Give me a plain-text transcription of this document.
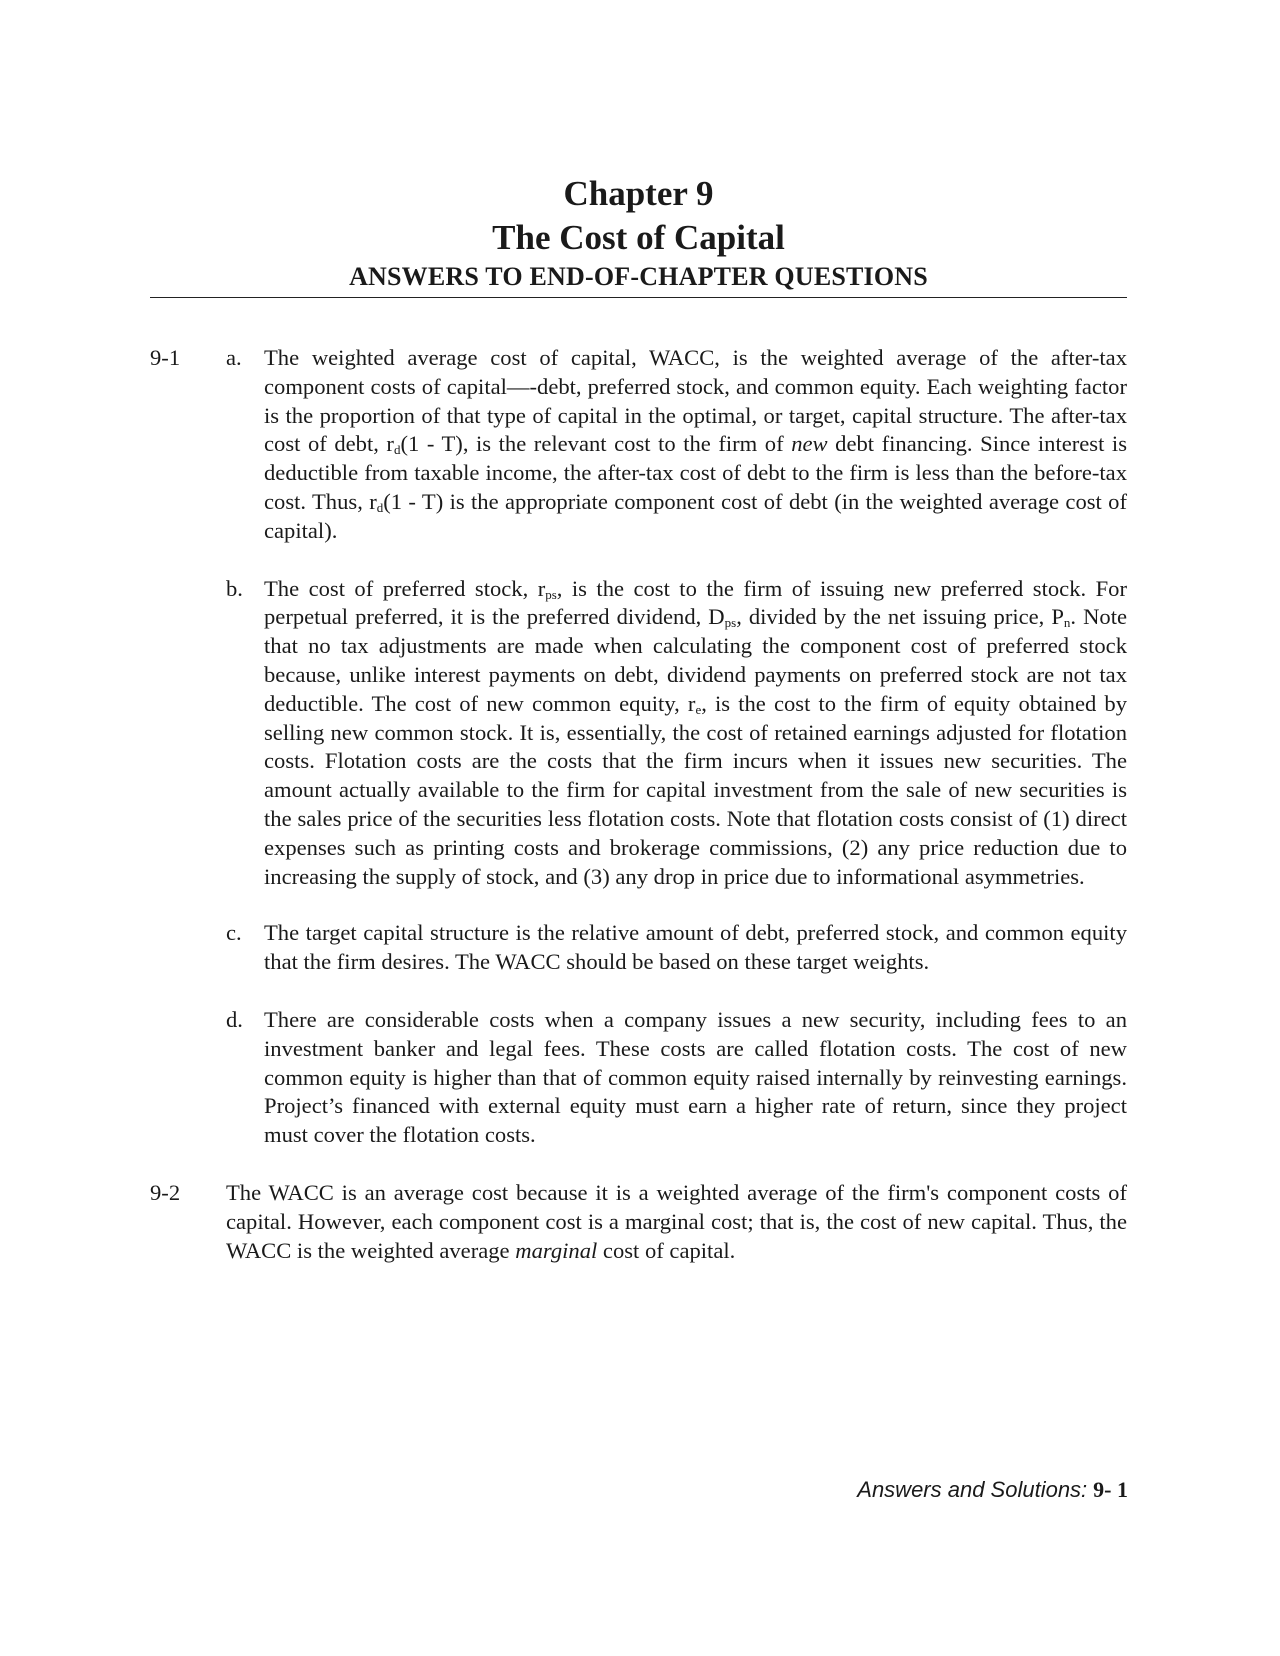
Chapter 9
The Cost of Capital
ANSWERS TO END-OF-CHAPTER QUESTIONS
9-1 a. The weighted average cost of capital, WACC, is the weighted average of the after-tax component costs of capital—-debt, preferred stock, and common equity. Each weighting factor is the proportion of that type of capital in the optimal, or target, capital structure. The after-tax cost of debt, $r_d(1 - T)$, is the relevant cost to the firm of new debt financing. Since interest is deductible from taxable income, the after-tax cost of debt to the firm is less than the before-tax cost. Thus, $r_d(1 - T)$ is the appropriate component cost of debt (in the weighted average cost of capital).

b. The cost of preferred stock, $r_{ps}$, is the cost to the firm of issuing new preferred stock. For perpetual preferred, it is the preferred dividend, $D_{ps}$, divided by the net issuing price, $P_n$. Note that no tax adjustments are made when calculating the component cost of preferred stock because, unlike interest payments on debt, dividend payments on preferred stock are not tax deductible. The cost of new common equity, $r_e$, is the cost to the firm of equity obtained by selling new common stock. It is, essentially, the cost of retained earnings adjusted for flotation costs. Flotation costs are the costs that the firm incurs when it issues new securities. The amount actually available to the firm for capital investment from the sale of new securities is the sales price of the securities less flotation costs. Note that flotation costs consist of (1) direct expenses such as printing costs and brokerage commissions, (2) any price reduction due to increasing the supply of stock, and (3) any drop in price due to informational asymmetries.

c. The target capital structure is the relative amount of debt, preferred stock, and common equity that the firm desires. The WACC should be based on these target weights.

d. There are considerable costs when a company issues a new security, including fees to an investment banker and legal fees. These costs are called flotation costs. The cost of new common equity is higher than that of common equity raised internally by reinvesting earnings. Project’s financed with external equity must earn a higher rate of return, since they project must cover the flotation costs.

9-2 The WACC is an average cost because it is a weighted average of the firm's component costs of capital. However, each component cost is a marginal cost; that is, the cost of new capital. Thus, the WACC is the weighted average marginal cost of capital.

Answers and Solutions: 9- 1
